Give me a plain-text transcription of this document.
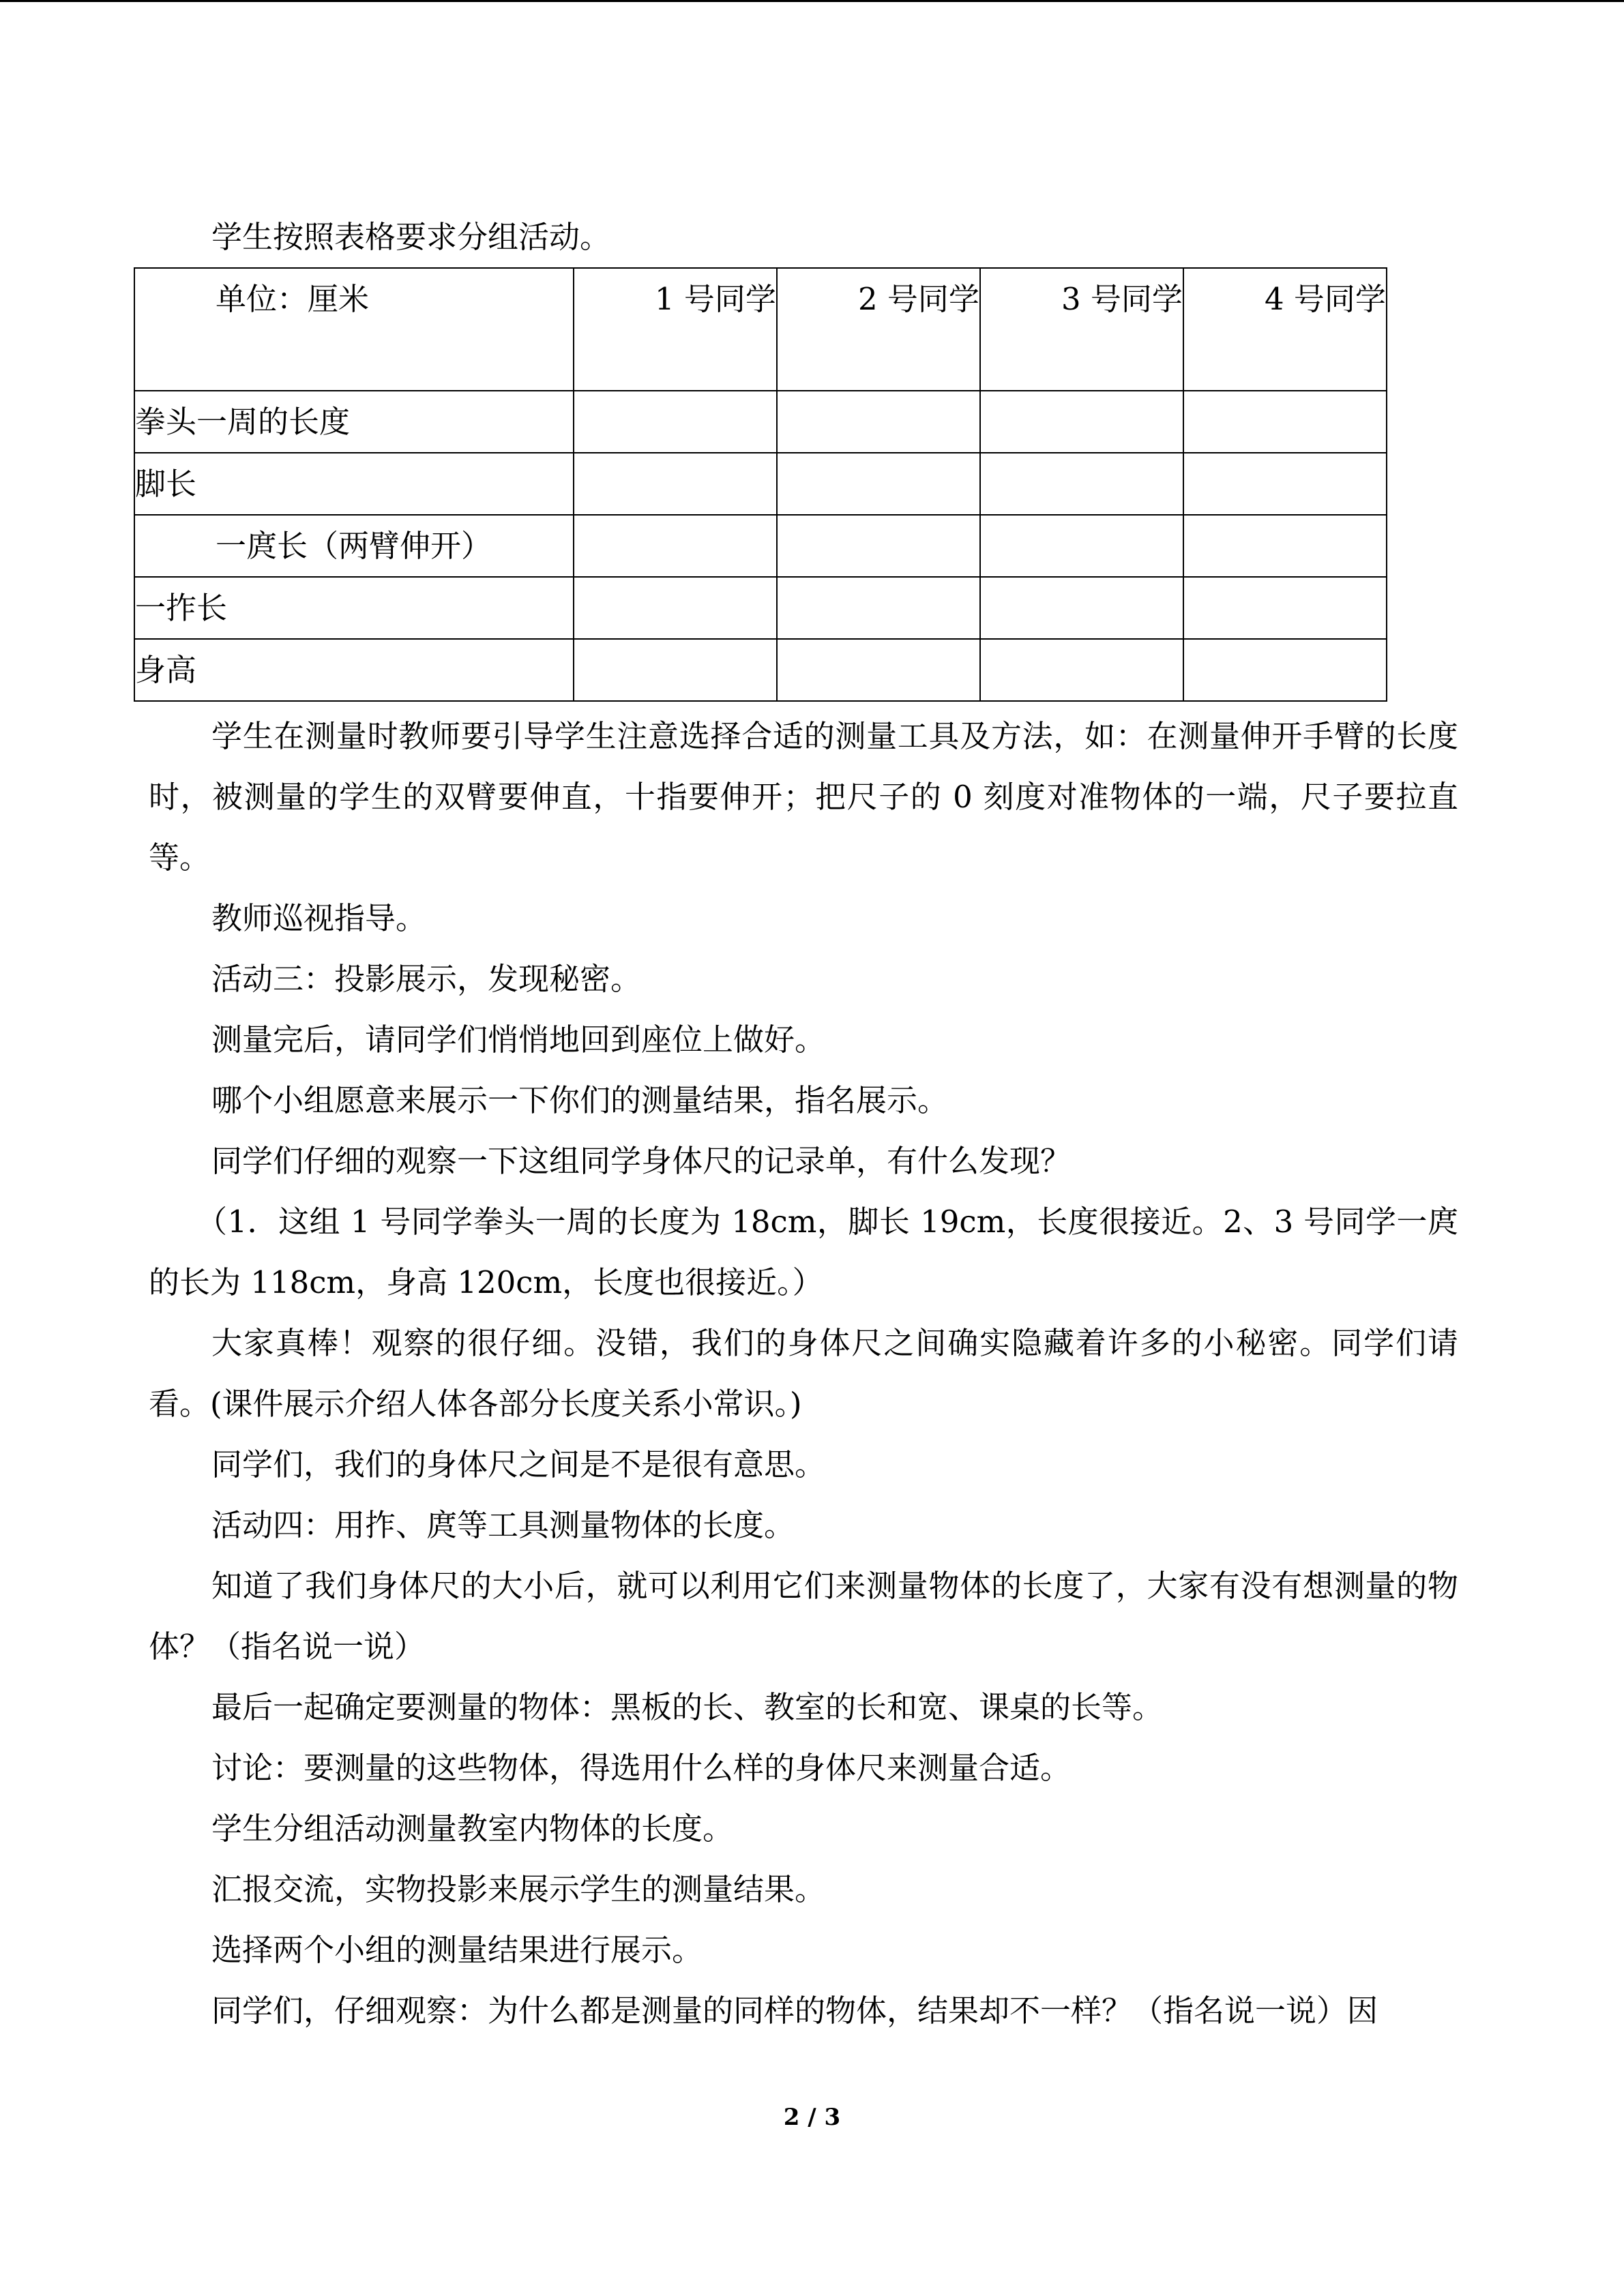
学生按照表格要求分组活动。

单位：厘米	1 号同学	2 号同学	3 号同学	4 号同学
拳头一周的长度				
脚长				
一庹长（两臂伸开）				
一拃长				
身高				

学生在测量时教师要引导学生注意选择合适的测量工具及方法，如：在测量伸开手臂的长度时，被测量的学生的双臂要伸直，十指要伸开；把尺子的 0 刻度对准物体的一端，尺子要拉直等。

教师巡视指导。

活动三：投影展示，发现秘密。

测量完后，请同学们悄悄地回到座位上做好。

哪个小组愿意来展示一下你们的测量结果，指名展示。

同学们仔细的观察一下这组同学身体尺的记录单，有什么发现？

（1．这组 1 号同学拳头一周的长度为 18cm，脚长 19cm，长度很接近。2、3 号同学一庹的长为 118cm，身高 120cm，长度也很接近。）

大家真棒！观察的很仔细。没错，我们的身体尺之间确实隐藏着许多的小秘密。同学们请看。(课件展示介绍人体各部分长度关系小常识。)

同学们，我们的身体尺之间是不是很有意思。

活动四：用拃、庹等工具测量物体的长度。

知道了我们身体尺的大小后，就可以利用它们来测量物体的长度了，大家有没有想测量的物体？（指名说一说）

最后一起确定要测量的物体：黑板的长、教室的长和宽、课桌的长等。

讨论：要测量的这些物体，得选用什么样的身体尺来测量合适。

学生分组活动测量教室内物体的长度。

汇报交流，实物投影来展示学生的测量结果。

选择两个小组的测量结果进行展示。

同学们，仔细观察：为什么都是测量的同样的物体，结果却不一样？（指名说一说）因

2 / 3
